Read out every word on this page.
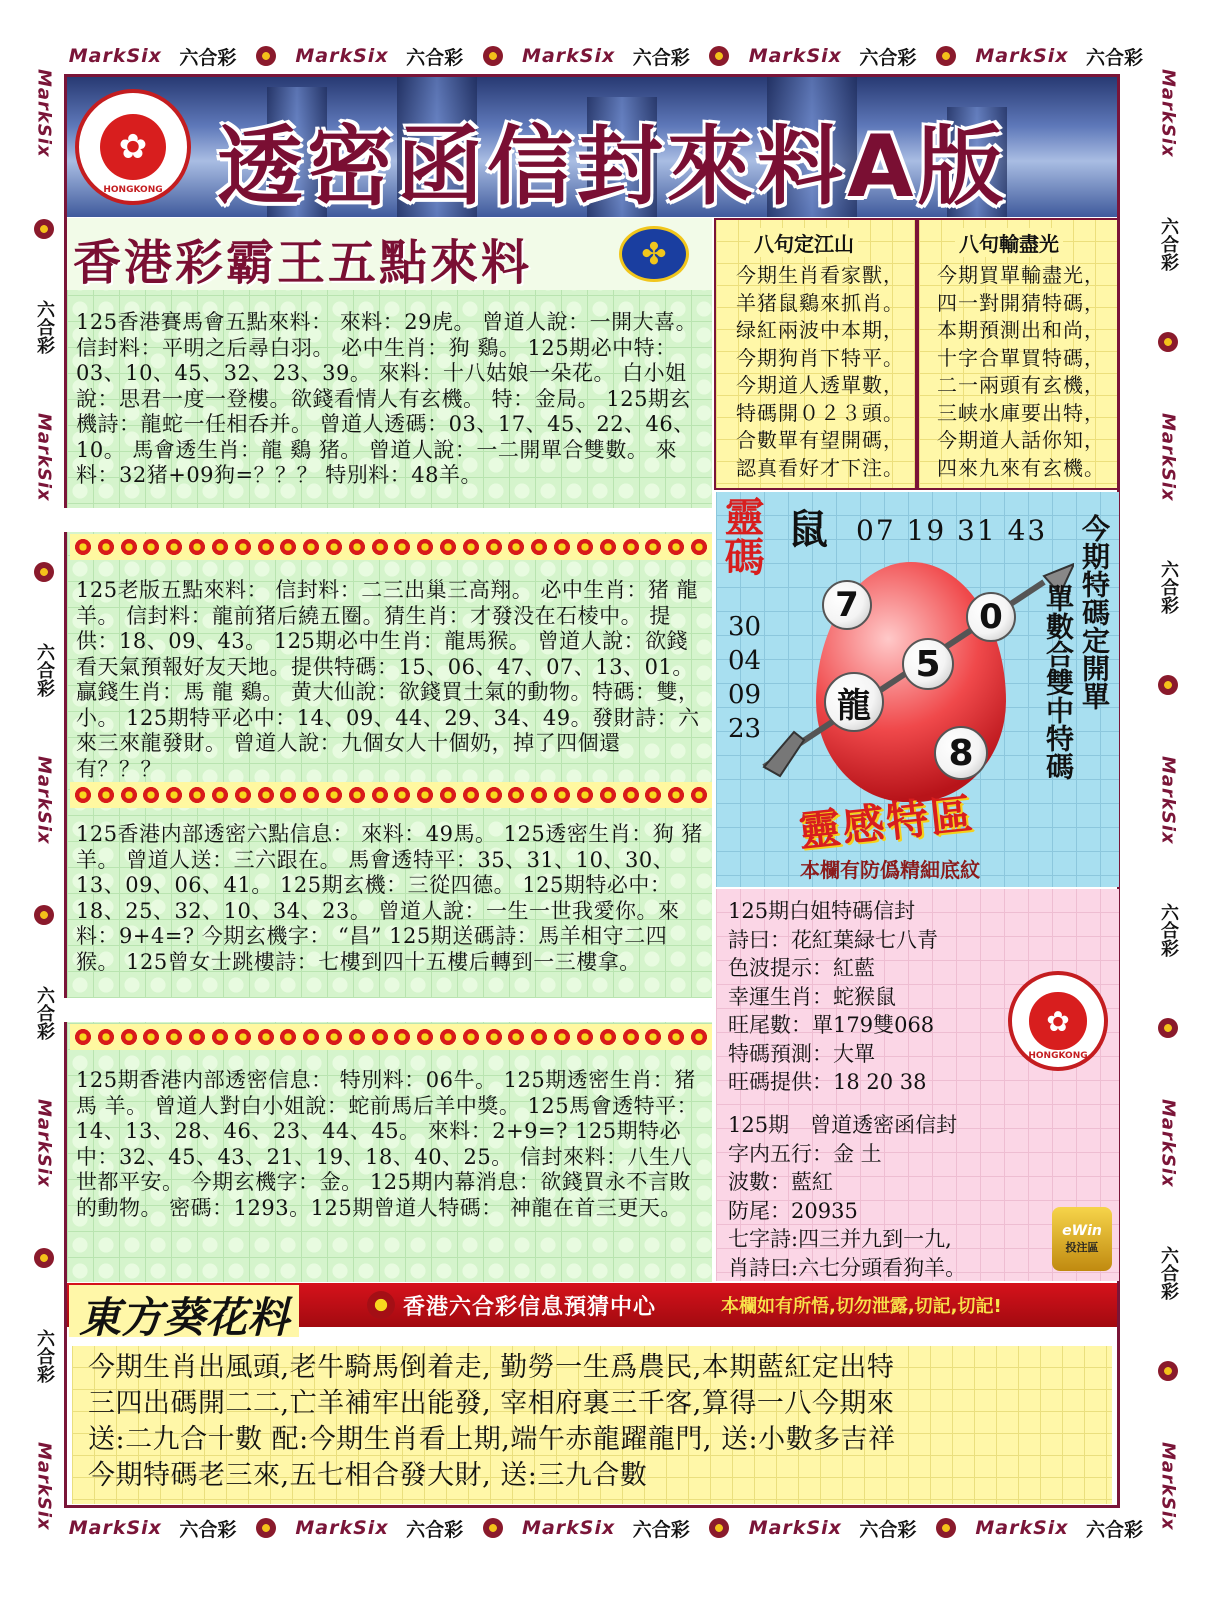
MarkSix 六合彩	MarkSix 六合彩	MarkSix 六合彩	MarkSix 六合彩	MarkSix 六合彩
MarkSix 六合彩	MarkSix 六合彩	MarkSix 六合彩	MarkSix 六合彩	MarkSix 六合彩
MarkSix
六合彩
MarkSix
六合彩
MarkSix
六合彩
MarkSix
六合彩
MarkSix
MarkSix
六合彩
MarkSix
六合彩
MarkSix
六合彩
MarkSix
六合彩
MarkSix
✿
HONGKONG 透密函信封來料A版
香港彩霸王五點來料	✤
125香港賽馬會五點來料： 來料：29虎。 曾道人說：一開大喜。 信封料：平明之后尋白羽。 必中生肖：狗 鷄。 125期必中特：03、10、45、32、23、39。 來料：十八姑娘一朵花。 白小姐說：思君一度一登樓。欲錢看情人有玄機。 特：金局。 125期玄機詩：龍蛇一任相呑并。 曾道人透碼：03、17、45、22、46、10。 馬會透生肖：龍 鷄 猪。 曾道人說：一二開單合雙數。 來料：32猪+09狗=？？？ 特別料：48羊。
125老版五點來料： 信封料：二三出巢三高翔。 必中生肖：猪 龍 羊。 信封料：龍前猪后繞五圈。猜生肖：才發没在石棱中。 提供：18、09、43。 125期必中生肖：龍馬猴。 曾道人說：欲錢看天氣預報好友天地。提供特碼：15、06、47、07、13、01。 贏錢生肖：馬 龍 鷄。 黄大仙說：欲錢買土氣的動物。特碼：雙，小。 125期特平必中：14、09、44、29、34、49。發財詩：六來三來龍發財。 曾道人說：九個女人十個奶，掉了四個還有？？？
125香港内部透密六點信息： 來料：49馬。 125透密生肖：狗 猪 羊。 曾道人送：三六跟在。 馬會透特平：35、31、10、30、13、09、06、41。 125期玄機：三從四德。 125期特必中：18、25、32、10、34、23。 曾道人說：一生一世我愛你。來料：9+4=? 今期玄機字： “昌” 125期送碼詩：馬羊相守二四猴。 125曾女士跳樓詩：七樓到四十五樓后轉到一三樓拿。
125期香港内部透密信息： 特別料：06牛。 125期透密生肖：猪 馬 羊。 曾道人對白小姐說：蛇前馬后羊中獎。 125馬會透特平：14、13、28、46、23、44、45。 來料：2+9=? 125期特必中：32、45、43、21、19、18、40、25。 信封來料：八生八世都平安。 今期玄機字：金。 125期内幕消息：欲錢買永不言敗的動物。 密碼：1293。125期曾道人特碼： 神龍在首三更天。
八句定江山
今期生肖看家獸，
羊猪鼠鷄來抓肖。
绿紅兩波中本期，
今期狗肖下特平。
今期道人透單數，
特碼開０２３頭。
合數單有望開碼，
認真看好才下注。
八句輸盡光
今期買單輸盡光，
四一對開猜特碼，
本期預測出和尚，
十字合單買特碼，
二一兩頭有玄機，
三峡水庫要出特，
今期道人話你知，
四來九來有玄機。
靈碼 鼠 07 19 31 43
30
04
09
23
7	0
5
龍
8
今期特碼定開單
單數合雙中特碼
靈感特區
本欄有防僞精細底紋
125期白姐特碼信封
詩曰：花紅葉緑七八青
色波提示：紅藍
幸運生肖：蛇猴鼠
旺尾數：單179雙068
特碼預測：大單
旺碼提供：18 20 38
✿
HONGKONG
125期　曾道透密函信封
字内五行：金 土
波數：藍紅
防尾：20935
七字詩:四三并九到一九,
肖詩曰:六七分頭看狗羊。
eWin
投注區
東方葵花料	香港六合彩信息預猜中心	本欄如有所悟,切勿泄露,切記,切記!
今期生肖出風頭,老牛騎馬倒着走, 勤勞一生爲農民,本期藍紅定出特
三四出碼開二二,亡羊補牢出能發, 宰相府裏三千客,算得一八今期來
送:二九合十數 配:今期生肖看上期,端午赤龍躍龍門, 送:小數多吉祥
今期特碼老三來,五七相合發大財, 送:三九合數
